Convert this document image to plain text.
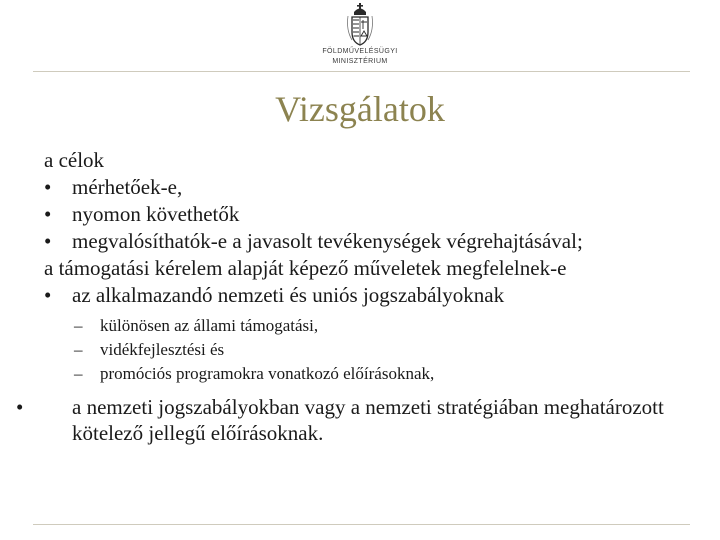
FÖLDMŰVELÉSÜGYI
MINISZTÉRIUM
Vizsgálatok
a célok
• mérhetőek-e,
• nyomon követhetők
• megvalósíthatók-e a javasolt tevékenységek végrehajtásával;
a támogatási kérelem alapját képező műveletek megfelelnek-e
• az alkalmazandó nemzeti és uniós jogszabályoknak
– különösen az állami támogatási,
– vidékfejlesztési és
– promóciós programokra vonatkozó előírásoknak,
• a nemzeti jogszabályokban vagy a nemzeti stratégiában meghatározott kötelező jellegű előírásoknak.
